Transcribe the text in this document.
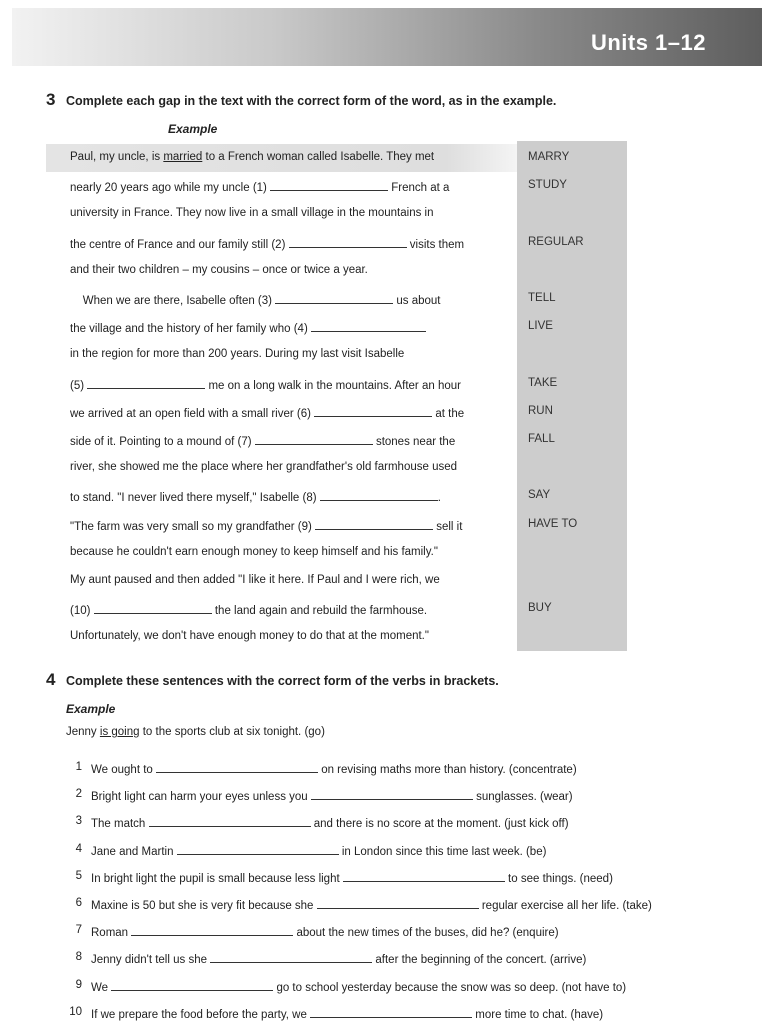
Units 1–12
3 Complete each gap in the text with the correct form of the word, as in the example.
Example
Paul, my uncle, is married to a French woman called Isabelle. They met
nearly 20 years ago while my uncle (1)	French at a
university in France. They now live in a small village in the mountains in
the centre of France and our family still (2)	visits them
and their two children – my cousins – once or twice a year.
When we are there, Isabelle often (3)	us about
the village and the history of her family who (4)
in the region for more than 200 years. During my last visit Isabelle
(5)	me on a long walk in the mountains. After an hour
we arrived at an open field with a small river (6)	at the
side of it. Pointing to a mound of (7)	stones near the
river, she showed me the place where her grandfather's old farmhouse used
to stand. "I never lived there myself," Isabelle (8)	.
"The farm was very small so my grandfather (9)	sell it
because he couldn't earn enough money to keep himself and his family."
My aunt paused and then added "I like it here. If Paul and I were rich, we
(10)	the land again and rebuild the farmhouse.
Unfortunately, we don't have enough money to do that at the moment."
MARRY
STUDY
REGULAR
TELL
LIVE
TAKE
RUN
FALL
SAY
HAVE TO
BUY
4 Complete these sentences with the correct form of the verbs in brackets.
Example
Jenny is going to the sports club at six tonight. (go)
1 We ought to	on revising maths more than history. (concentrate)
2 Bright light can harm your eyes unless you	sunglasses. (wear)
3 The match	and there is no score at the moment. (just kick off)
4 Jane and Martin	in London since this time last week. (be)
5 In bright light the pupil is small because less light	to see things. (need)
6 Maxine is 50 but she is very fit because she	regular exercise all her life. (take)
7 Roman	about the new times of the buses, did he? (enquire)
8 Jenny didn't tell us she	after the beginning of the concert. (arrive)
9 We	go to school yesterday because the snow was so deep. (not have to)
10 If we prepare the food before the party, we	more time to chat. (have)
